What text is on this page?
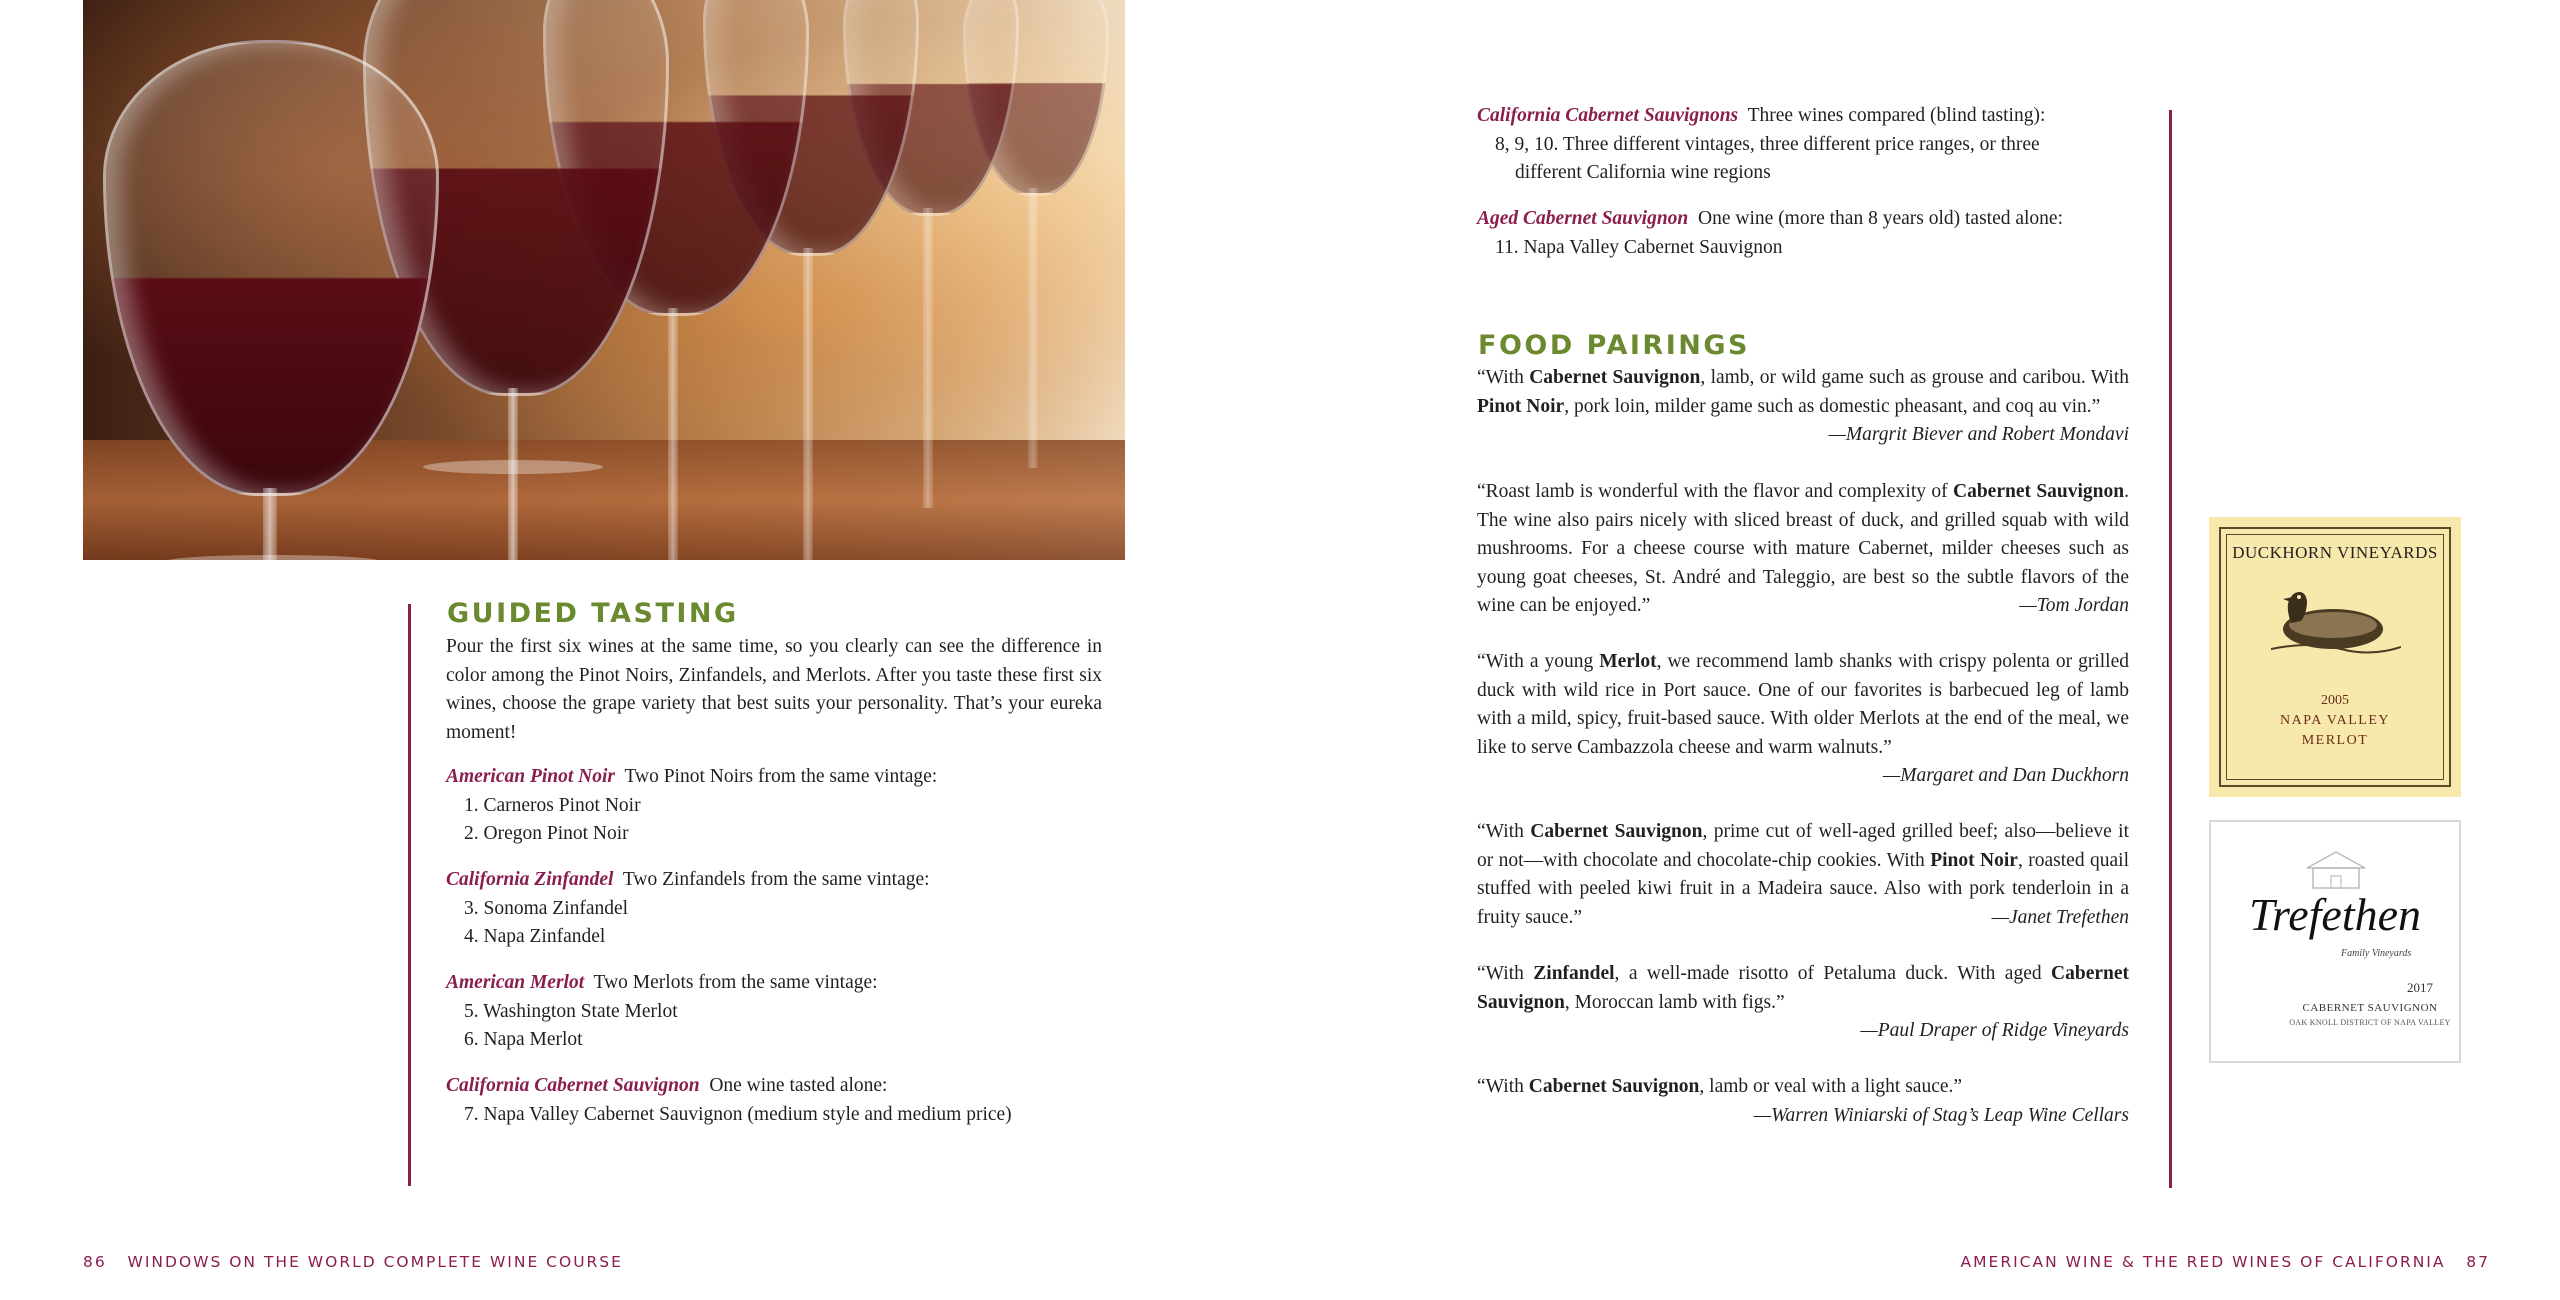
GUIDED TASTING
Pour the first six wines at the same time, so you clearly can see the difference in color among the Pinot Noirs, Zinfandels, and Merlots. After you taste these first six wines, choose the grape variety that best suits your personality. That’s your eureka moment!
American Pinot Noir Two Pinot Noirs from the same vintage:
1. Carneros Pinot Noir
2. Oregon Pinot Noir
California Zinfandel Two Zinfandels from the same vintage:
3. Sonoma Zinfandel
4. Napa Zinfandel
American Merlot Two Merlots from the same vintage:
5. Washington State Merlot
6. Napa Merlot
California Cabernet Sauvignon One wine tasted alone:
7. Napa Valley Cabernet Sauvignon (medium style and medium price)
86 WINDOWS ON THE WORLD COMPLETE WINE COURSE
California Cabernet Sauvignons Three wines compared (blind tasting):
8, 9, 10. Three different vintages, three different price ranges, or three
different California wine regions
Aged Cabernet Sauvignon One wine (more than 8 years old) tasted alone:
11. Napa Valley Cabernet Sauvignon
FOOD PAIRINGS
“With Cabernet Sauvignon, lamb, or wild game such as grouse and caribou. With Pinot Noir, pork loin, milder game such as domestic pheasant, and coq au vin.”
—Margrit Biever and Robert Mondavi
“Roast lamb is wonderful with the flavor and complexity of Cabernet Sauvignon. The wine also pairs nicely with sliced breast of duck, and grilled squab with wild mushrooms. For a cheese course with mature Cabernet, milder cheeses such as young goat cheeses, St. André and Taleggio, are best so the subtle flavors of the wine can be enjoyed.”	—Tom Jordan
“With a young Merlot, we recommend lamb shanks with crispy polenta or grilled duck with wild rice in Port sauce. One of our favorites is barbecued leg of lamb with a mild, spicy, fruit-based sauce. With older Merlots at the end of the meal, we like to serve Cambazzola cheese and warm walnuts.”
—Margaret and Dan Duckhorn
“With Cabernet Sauvignon, prime cut of well-aged grilled beef; also—believe it or not—with chocolate and chocolate-chip cookies. With Pinot Noir, roasted quail stuffed with peeled kiwi fruit in a Madeira sauce. Also with pork tenderloin in a fruity sauce.”	—Janet Trefethen
“With Zinfandel, a well-made risotto of Petaluma duck. With aged Cabernet Sauvignon, Moroccan lamb with figs.”
—Paul Draper of Ridge Vineyards
“With Cabernet Sauvignon, lamb or veal with a light sauce.”
—Warren Winiarski of Stag’s Leap Wine Cellars
DUCKHORN VINEYARDS
2005
NAPA VALLEY
MERLOT
Trefethen
Family Vineyards
2017
CABERNET SAUVIGNON
OAK KNOLL DISTRICT OF NAPA VALLEY
AMERICAN WINE & THE RED WINES OF CALIFORNIA 87
